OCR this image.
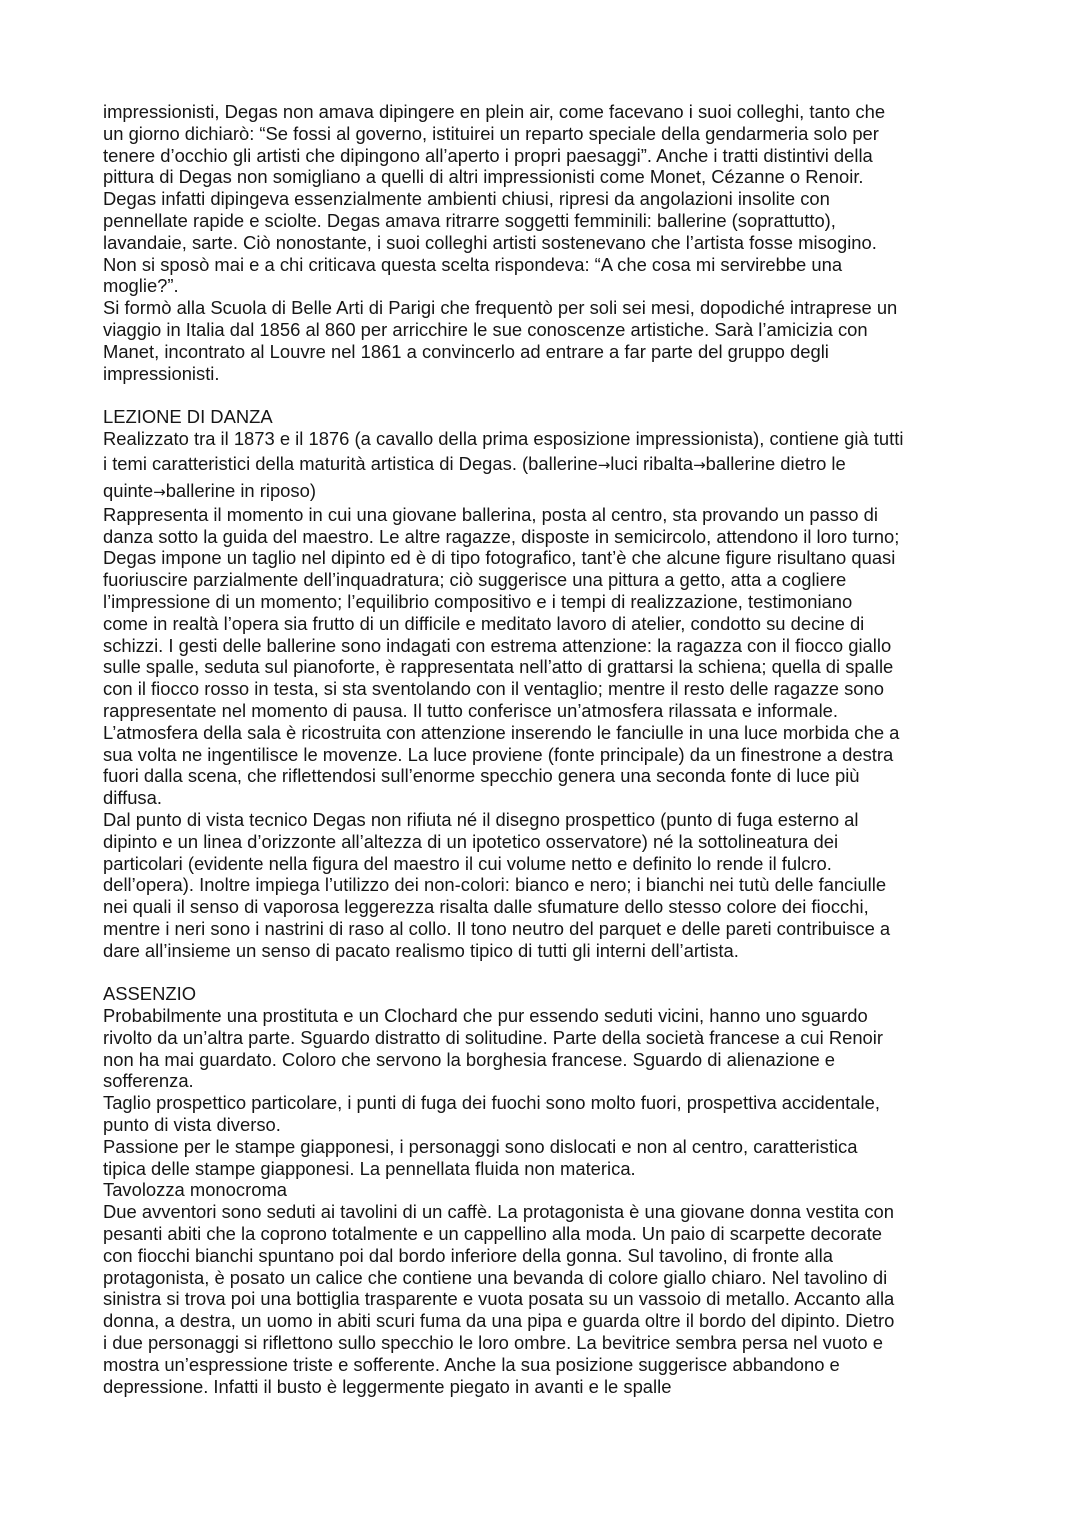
impressionisti, Degas non amava dipingere en plein air, come facevano i suoi colleghi, tanto che
un giorno dichiarò: “Se fossi al governo, istituirei un reparto speciale della gendarmeria solo per
tenere d’occhio gli artisti che dipingono all’aperto i propri paesaggi”. Anche i tratti distintivi della
pittura di Degas non somigliano a quelli di altri impressionisti come Monet, Cézanne o Renoir.
Degas infatti dipingeva essenzialmente ambienti chiusi, ripresi da angolazioni insolite con
pennellate rapide e sciolte. Degas amava ritrarre soggetti femminili: ballerine (soprattutto),
lavandaie, sarte. Ciò nonostante, i suoi colleghi artisti sostenevano che l’artista fosse misogino.
Non si sposò mai e a chi criticava questa scelta rispondeva: “A che cosa mi servirebbe una
moglie?”.
Si formò alla Scuola di Belle Arti di Parigi che frequentò per soli sei mesi, dopodiché intraprese un
viaggio in Italia dal 1856 al 860 per arricchire le sue conoscenze artistiche. Sarà l’amicizia con
Manet, incontrato al Louvre nel 1861 a convincerlo ad entrare a far parte del gruppo degli
impressionisti.
LEZIONE DI DANZA
Realizzato tra il 1873 e il 1876 (a cavallo della prima esposizione impressionista), contiene già tutti
i temi caratteristici della maturità artistica di Degas. (ballerine→luci ribalta→ballerine dietro le
quinte→ballerine in riposo)
Rappresenta il momento in cui una giovane ballerina, posta al centro, sta provando un passo di
danza sotto la guida del maestro. Le altre ragazze, disposte in semicircolo, attendono il loro turno;
Degas impone un taglio nel dipinto ed è di tipo fotografico, tant’è che alcune figure risultano quasi
fuoriuscire parzialmente dell’inquadratura; ciò suggerisce una pittura a getto, atta a cogliere
l’impressione di un momento; l’equilibrio compositivo e i tempi di realizzazione, testimoniano
come in realtà l’opera sia frutto di un difficile e meditato lavoro di atelier, condotto su decine di
schizzi. I gesti delle ballerine sono indagati con estrema attenzione: la ragazza con il fiocco giallo
sulle spalle, seduta sul pianoforte, è rappresentata nell’atto di grattarsi la schiena; quella di spalle
con il fiocco rosso in testa, si sta sventolando con il ventaglio; mentre il resto delle ragazze sono
rappresentate nel momento di pausa. Il tutto conferisce un’atmosfera rilassata e informale.
L’atmosfera della sala è ricostruita con attenzione inserendo le fanciulle in una luce morbida che a
sua volta ne ingentilisce le movenze. La luce proviene (fonte principale) da un finestrone a destra
fuori dalla scena, che riflettendosi sull’enorme specchio genera una seconda fonte di luce più
diffusa.
Dal punto di vista tecnico Degas non rifiuta né il disegno prospettico (punto di fuga esterno al
dipinto e un linea d’orizzonte all’altezza di un ipotetico osservatore) né la sottolineatura dei
particolari (evidente nella figura del maestro il cui volume netto e definito lo rende il fulcro.
dell’opera). Inoltre impiega l’utilizzo dei non-colori: bianco e nero; i bianchi nei tutù delle fanciulle
nei quali il senso di vaporosa leggerezza risalta dalle sfumature dello stesso colore dei fiocchi,
mentre i neri sono i nastrini di raso al collo. Il tono neutro del parquet e delle pareti contribuisce a
dare all’insieme un senso di pacato realismo tipico di tutti gli interni dell’artista.
ASSENZIO
Probabilmente una prostituta e un Clochard che pur essendo seduti vicini, hanno uno sguardo
rivolto da un’altra parte. Sguardo distratto di solitudine. Parte della società francese a cui Renoir
non ha mai guardato. Coloro che servono la borghesia francese. Sguardo di alienazione e
sofferenza.
Taglio prospettico particolare, i punti di fuga dei fuochi sono molto fuori, prospettiva accidentale,
punto di vista diverso.
Passione per le stampe giapponesi, i personaggi sono dislocati e non al centro, caratteristica
tipica delle stampe giapponesi. La pennellata fluida non materica.
Tavolozza monocroma
Due avventori sono seduti ai tavolini di un caffè. La protagonista è una giovane donna vestita con
pesanti abiti che la coprono totalmente e un cappellino alla moda. Un paio di scarpette decorate
con fiocchi bianchi spuntano poi dal bordo inferiore della gonna. Sul tavolino, di fronte alla
protagonista, è posato un calice che contiene una bevanda di colore giallo chiaro. Nel tavolino di
sinistra si trova poi una bottiglia trasparente e vuota posata su un vassoio di metallo. Accanto alla
donna, a destra, un uomo in abiti scuri fuma da una pipa e guarda oltre il bordo del dipinto. Dietro
i due personaggi si riflettono sullo specchio le loro ombre. La bevitrice sembra persa nel vuoto e
mostra un’espressione triste e sofferente. Anche la sua posizione suggerisce abbandono e
depressione. Infatti il busto è leggermente piegato in avanti e le spalle
